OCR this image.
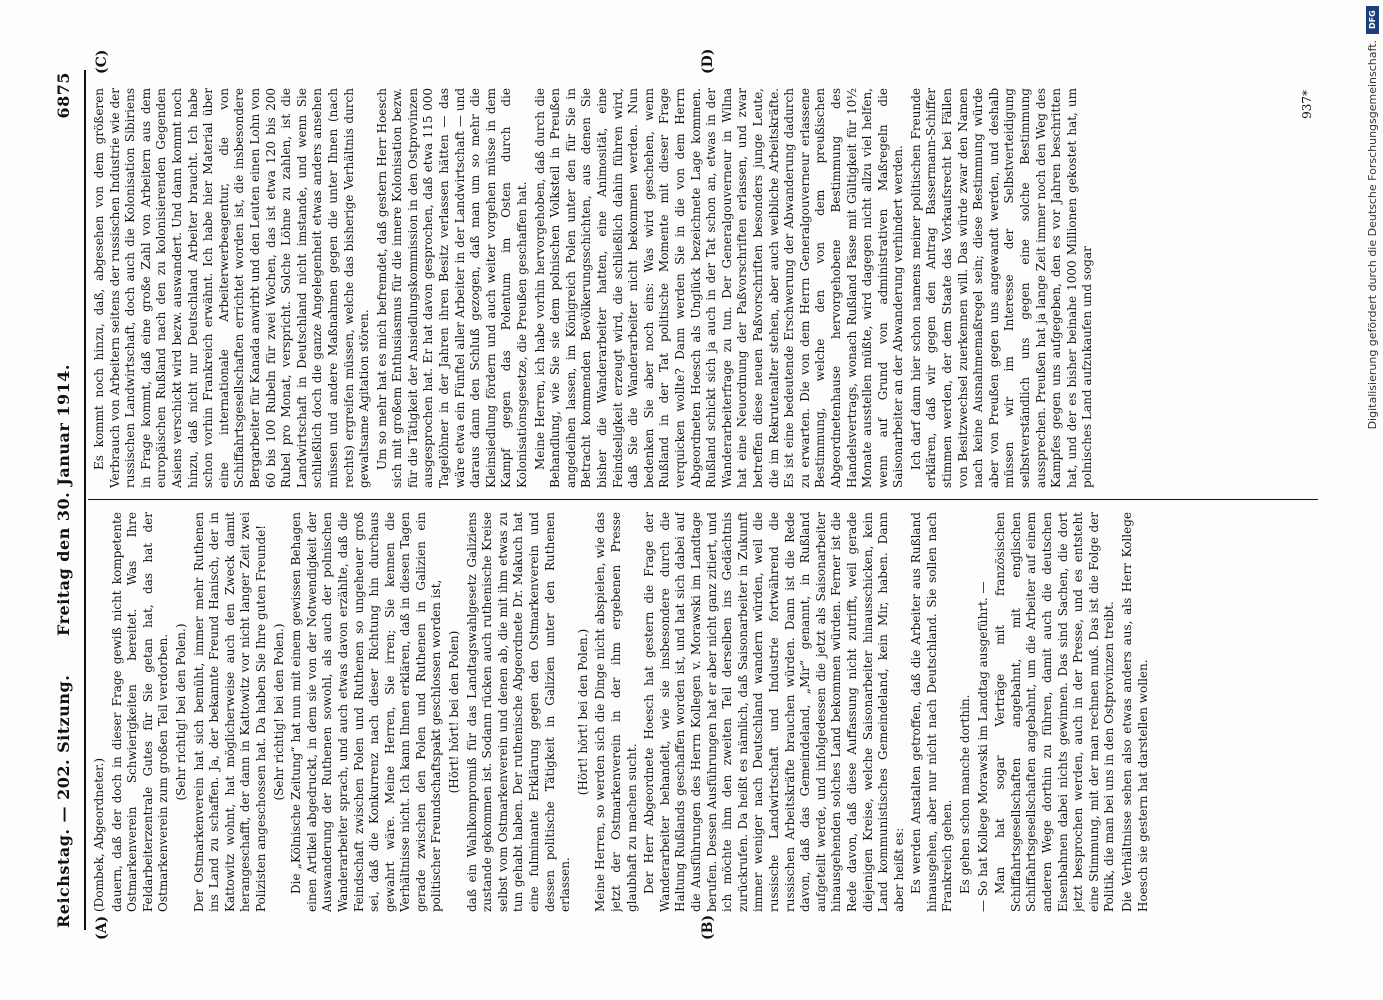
Reichstag. — 202. Sitzung.
Freitag den 30. Januar 1914.
6875
(A)	(B)
(C)	(D)

(Dombek, Abgeordneter.) dauern, daß der doch in dieser Frage gewiß nicht kompetente Ostmarkenverein Schwierigkeiten bereitet. Was Ihre Feldarbeiterzentrale Gutes für Sie getan hat, das hat der Ostmarkenverein zum großen Teil verdorben. (Sehr richtig! bei den Polen.) Der Ostmarkenverein hat sich bemüht, immer mehr Ruthenen ins Land zu schaffen. Ja, der bekannte Freund Hanisch, der in Kattowitz wohnt, hat möglicherweise auch den Zweck damit herangeschafft, der dann in Kattowitz vor nicht langer Zeit zwei Polizisten angeschossen hat. Da haben Sie Ihre guten Freunde! (Sehr richtig! bei den Polen.) Die „Kölnische Zeitung“ hat nun mit einem gewissen Behagen einen Artikel abgedruckt, in dem sie von der Notwendigkeit der Auswanderung der Ruthenen sowohl, als auch der polnischen Wanderarbeiter sprach, und auch etwas davon erzählte, daß die Feindschaft zwischen Polen und Ruthenen so ungeheuer groß sei, daß die Konkurrenz nach dieser Richtung hin durchaus gewahrt wäre. Meine Herren, Sie irren; Sie kennen die Verhältnisse nicht. Ich kann Ihnen erklären, daß in diesen Tagen gerade zwischen den Polen und Ruthenen in Galizien ein politischer Freundschaftspakt geschlossen worden ist, (Hört! hört! bei den Polen) daß ein Wahlkompromiß für das Landtagswahlgesetz Galiziens zustande gekommen ist. Sodann rücken auch ruthenische Kreise selbst vom Ostmarkenverein und denen ab, die mit ihm etwas zu tun gehabt haben. Der ruthenische Abgeordnete Dr. Makuch hat eine fulminante Erklärung gegen den Ostmarkenverein und dessen politische Tätigkeit in Galizien unter den Ruthenen erlassen.

(Hört! hört! bei den Polen.) Meine Herren, so werden sich die Dinge nicht abspielen, wie das jetzt der Ostmarkenverein in der ihm ergebenen Presse glaubhaft zu machen sucht. Der Herr Abgeordnete Hoesch hat gestern die Frage der Wanderarbeiter behandelt, wie sie insbesondere durch die Haltung Rußlands geschaffen worden ist, und hat sich dabei auf die Ausführungen des Herrn Kollegen v. Morawski im Landtage berufen. Dessen Ausführungen hat er aber nicht ganz zitiert, und ich möchte ihm den zweiten Teil derselben ins Gedächtnis zurückrufen. Da heißt es nämlich, daß Saisonarbeiter in Zukunft immer weniger nach Deutschland wandern würden, weil die russische Landwirtschaft und Industrie fortwährend die russischen Arbeitskräfte brauchen würden. Dann ist die Rede davon, daß das Gemeindeland, „Mir“ genannt, in Rußland aufgeteilt werde, und infolgedessen die jetzt als Saisonarbeiter hinausgehenden solches Land bekommen würden. Ferner ist die Rede davon, daß diese Auffassung nicht zutrifft, weil gerade diejenigen Kreise, welche Saisonarbeiter hinausschicken, kein Land kommunistisches Gemeindeland, kein Mir, haben. Dann aber heißt es: Es werden Anstalten getroffen, daß die Arbeiter aus Rußland hinausgehen, aber nur nicht nach Deutschland. Sie sollen nach Frankreich gehen. Es gehen schon manche dorthin. — So hat Kollege Morawski im Landtag ausgeführt. — Man hat sogar Verträge mit französischen Schiffahrtsgesellschaften angebahnt, mit englischen Schiffahrtsgesellschaften angebahnt, um die Arbeiter auf einem anderen Wege dorthin zu führen, damit auch die deutschen Eisenbahnen dabei nichts gewinnen. Das sind Sachen, die dort jetzt besprochen werden, auch in der Presse, und es entsteht eine Stimmung, mit der man rechnen muß. Das ist die Folge der Politik, die man bei uns in den Ostprovinzen treibt. Die Verhältnisse sehen also etwas anders aus, als Herr Kollege Hoesch sie gestern hat darstellen wollen.

Es kommt noch hinzu, daß, abgesehen von dem größeren Verbrauch von Arbeitern seitens der russischen Industrie wie der russischen Landwirtschaft, doch auch die Kolonisation Sibiriens in Frage kommt, daß eine große Zahl von Arbeitern aus dem europäischen Rußland nach den zu kolonisierenden Gegenden Asiens verschickt wird bezw. auswandert. Und dann kommt noch hinzu, daß nicht nur Deutschland Arbeiter braucht. Ich habe schon vorhin Frankreich erwähnt. Ich habe hier Material über eine internationale Arbeiterwerbeagentur, die von Schiffahrtsgesellschaften errichtet worden ist, die insbesondere Bergarbeiter für Kanada anwirbt und den Leuten einen Lohn von 60 bis 100 Rubeln für zwei Wochen, das ist etwa 120 bis 200 Rubel pro Monat, verspricht. Solche Löhne zu zahlen, ist die Landwirtschaft in Deutschland nicht imstande, und wenn Sie schließlich doch die ganze Angelegenheit etwas anders ansehen müssen und andere Maßnahmen gegen die unter Ihnen (nach rechts) ergreifen müssen, welche das bisherige Verhältnis durch gewaltsame Agitation stören. Um so mehr hat es mich befremdet, daß gestern Herr Hoesch sich mit großem Enthusiasmus für die innere Kolonisation bezw. für die Tätigkeit der Ansiedlungskommission in den Ostprovinzen ausgesprochen hat. Er hat davon gesprochen, daß etwa 115 000 Tagelöhner in der Jahren ihren Besitz verlassen hätten — das wäre etwa ein Fünftel aller Arbeiter in der Landwirtschaft — und daraus dann den Schluß gezogen, daß man um so mehr die Kleinsiedlung fördern und auch weiter vorgehen müsse in dem Kampf gegen das Polentum im Osten durch die Kolonisationsgesetze, die Preußen geschaffen hat. Meine Herren, ich habe vorhin hervorgehoben, daß durch die Behandlung, wie Sie sie dem polnischen Volksteil in Preußen angedeihen lassen, im Königreich Polen unter den für Sie in Betracht kommenden Bevölkerungsschichten, aus denen Sie bisher die Wanderarbeiter hatten, eine Animosität, eine Feindseligkeit erzeugt wird, die schließlich dahin führen wird, daß Sie die Wanderarbeiter nicht bekommen werden. Nun bedenken Sie aber noch eins: Was wird geschehen, wenn Rußland in der Tat politische Momente mit dieser Frage verquicken wollte? Dann werden Sie in die von dem Herrn Abgeordneten Hoesch als Unglück bezeichnete Lage kommen. Rußland schickt sich ja auch in der Tat schon an, etwas in der Wanderarbeiterfrage zu tun. Der Generalgouverneur in Wilna hat eine Neuordnung der Paßvorschriften erlassen, und zwar betreffen diese neuen Paßvorschriften besonders junge Leute, die im Rekrutenalter stehen, aber auch weibliche Arbeitskräfte. Es ist eine bedeutende Erschwerung der Abwanderung dadurch zu erwarten. Die von dem Herrn Generalgouverneur erlassene Bestimmung, welche den von dem preußischen Abgeordnetenhause hervorgehobene Bestimmung des Handelsvertrags, wonach Rußland Pässe mit Gültigkeit für 10½ Monate ausstellen müßte, wird dagegen nicht allzu viel helfen, wenn auf Grund von administrativen Maßregeln die Saisonarbeiter an der Abwanderung verhindert werden. Ich darf dann hier schon namens meiner politischen Freunde erklären, daß wir gegen den Antrag Bassermann-Schiffer stimmen werden, der dem Staate das Vorkaufsrecht bei Fällen von Besitzwechsel zuerkennen will. Das würde zwar den Namen nach keine Ausnahmemaßregel sein; diese Bestimmung würde aber von Preußen gegen uns angewandt werden, und deshalb müssen wir im Interesse der Selbstverteidigung selbstverständlich uns gegen eine solche Bestimmung aussprechen. Preußen hat ja lange Zeit immer noch den Weg des Kampfes gegen uns aufgegeben, den es vor Jahren beschritten hat, und der es bisher beinahe 1000 Millionen gekostet hat, um polnisches Land aufzukaufen und sogar

937*
DFG
Digitalisierung gefördert durch die Deutsche Forschungsgemeinschaft.
